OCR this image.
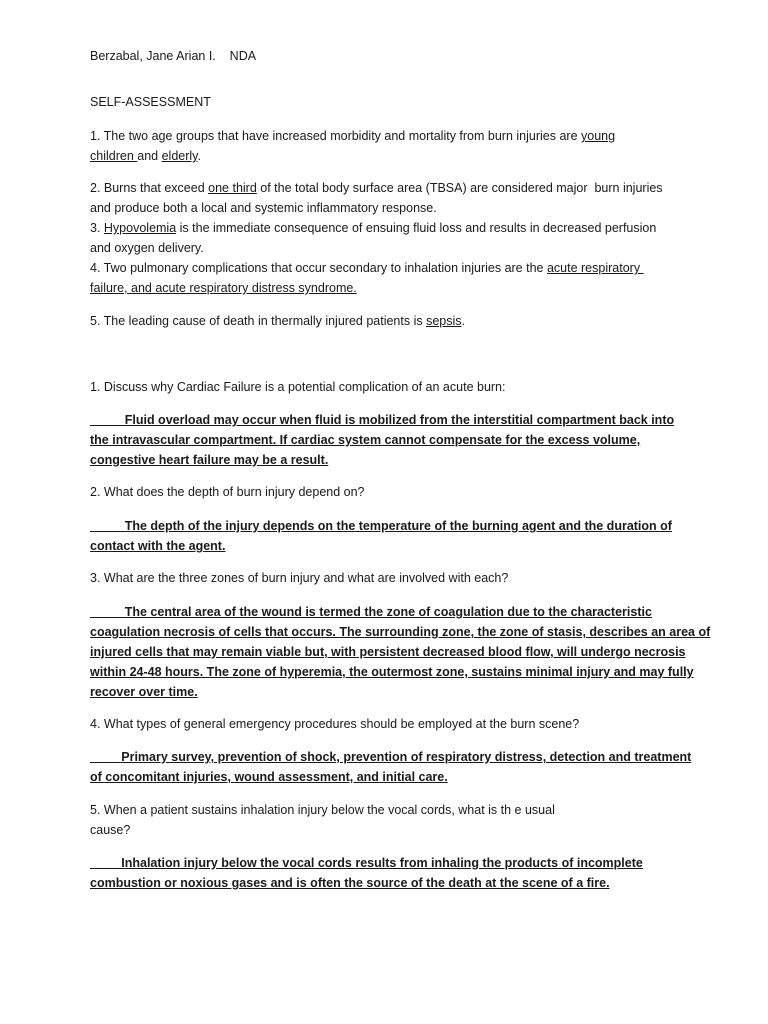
Berzabal, Jane Arian I.    NDA

SELF-ASSESSMENT

1. The two age groups that have increased morbidity and mortality from burn injuries are young

children and elderly.

2. Burns that exceed one third of the total body surface area (TBSA) are considered major  burn injuries

and produce both a local and systemic inflammatory response.

3. Hypovolemia is the immediate consequence of ensuing fluid loss and results in decreased perfusion

and oxygen delivery.

4. Two pulmonary complications that occur secondary to inhalation injuries are the acute respiratory

failure, and acute respiratory distress syndrome.

5. The leading cause of death in thermally injured patients is sepsis.

1. Discuss why Cardiac Failure is a potential complication of an acute burn:

Fluid overload may occur when fluid is mobilized from the interstitial compartment back into

the intravascular compartment. If cardiac system cannot compensate for the excess volume,

congestive heart failure may be a result.

2. What does the depth of burn injury depend on?

The depth of the injury depends on the temperature of the burning agent and the duration of

contact with the agent.

3. What are the three zones of burn injury and what are involved with each?

The central area of the wound is termed the zone of coagulation due to the characteristic

coagulation necrosis of cells that occurs. The surrounding zone, the zone of stasis, describes an area of

injured cells that may remain viable but, with persistent decreased blood flow, will undergo necrosis

within 24-48 hours. The zone of hyperemia, the outermost zone, sustains minimal injury and may fully

recover over time.

4. What types of general emergency procedures should be employed at the burn scene?

Primary survey, prevention of shock, prevention of respiratory distress, detection and treatment

of concomitant injuries, wound assessment, and initial care.

5. When a patient sustains inhalation injury below the vocal cords, what is th e usual

cause?

Inhalation injury below the vocal cords results from inhaling the products of incomplete

combustion or noxious gases and is often the source of the death at the scene of a fire.
